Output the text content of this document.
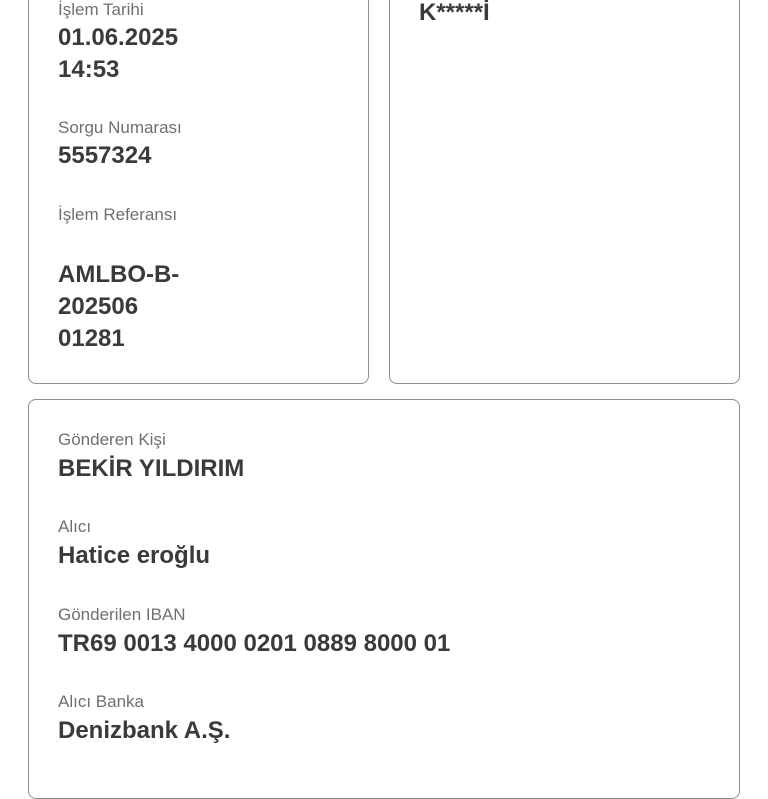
İşlem Tarihi
01.06.2025
14:53
Sorgu Numarası
5557324
İşlem Referansı
AMLBO-B-
202506
01281
K*****İ
Gönderen Kişi
BEKİR YILDIRIM
Alıcı
Hatice eroğlu
Gönderilen IBAN
TR69 0013 4000 0201 0889 8000 01
Alıcı Banka
Denizbank A.Ş.
